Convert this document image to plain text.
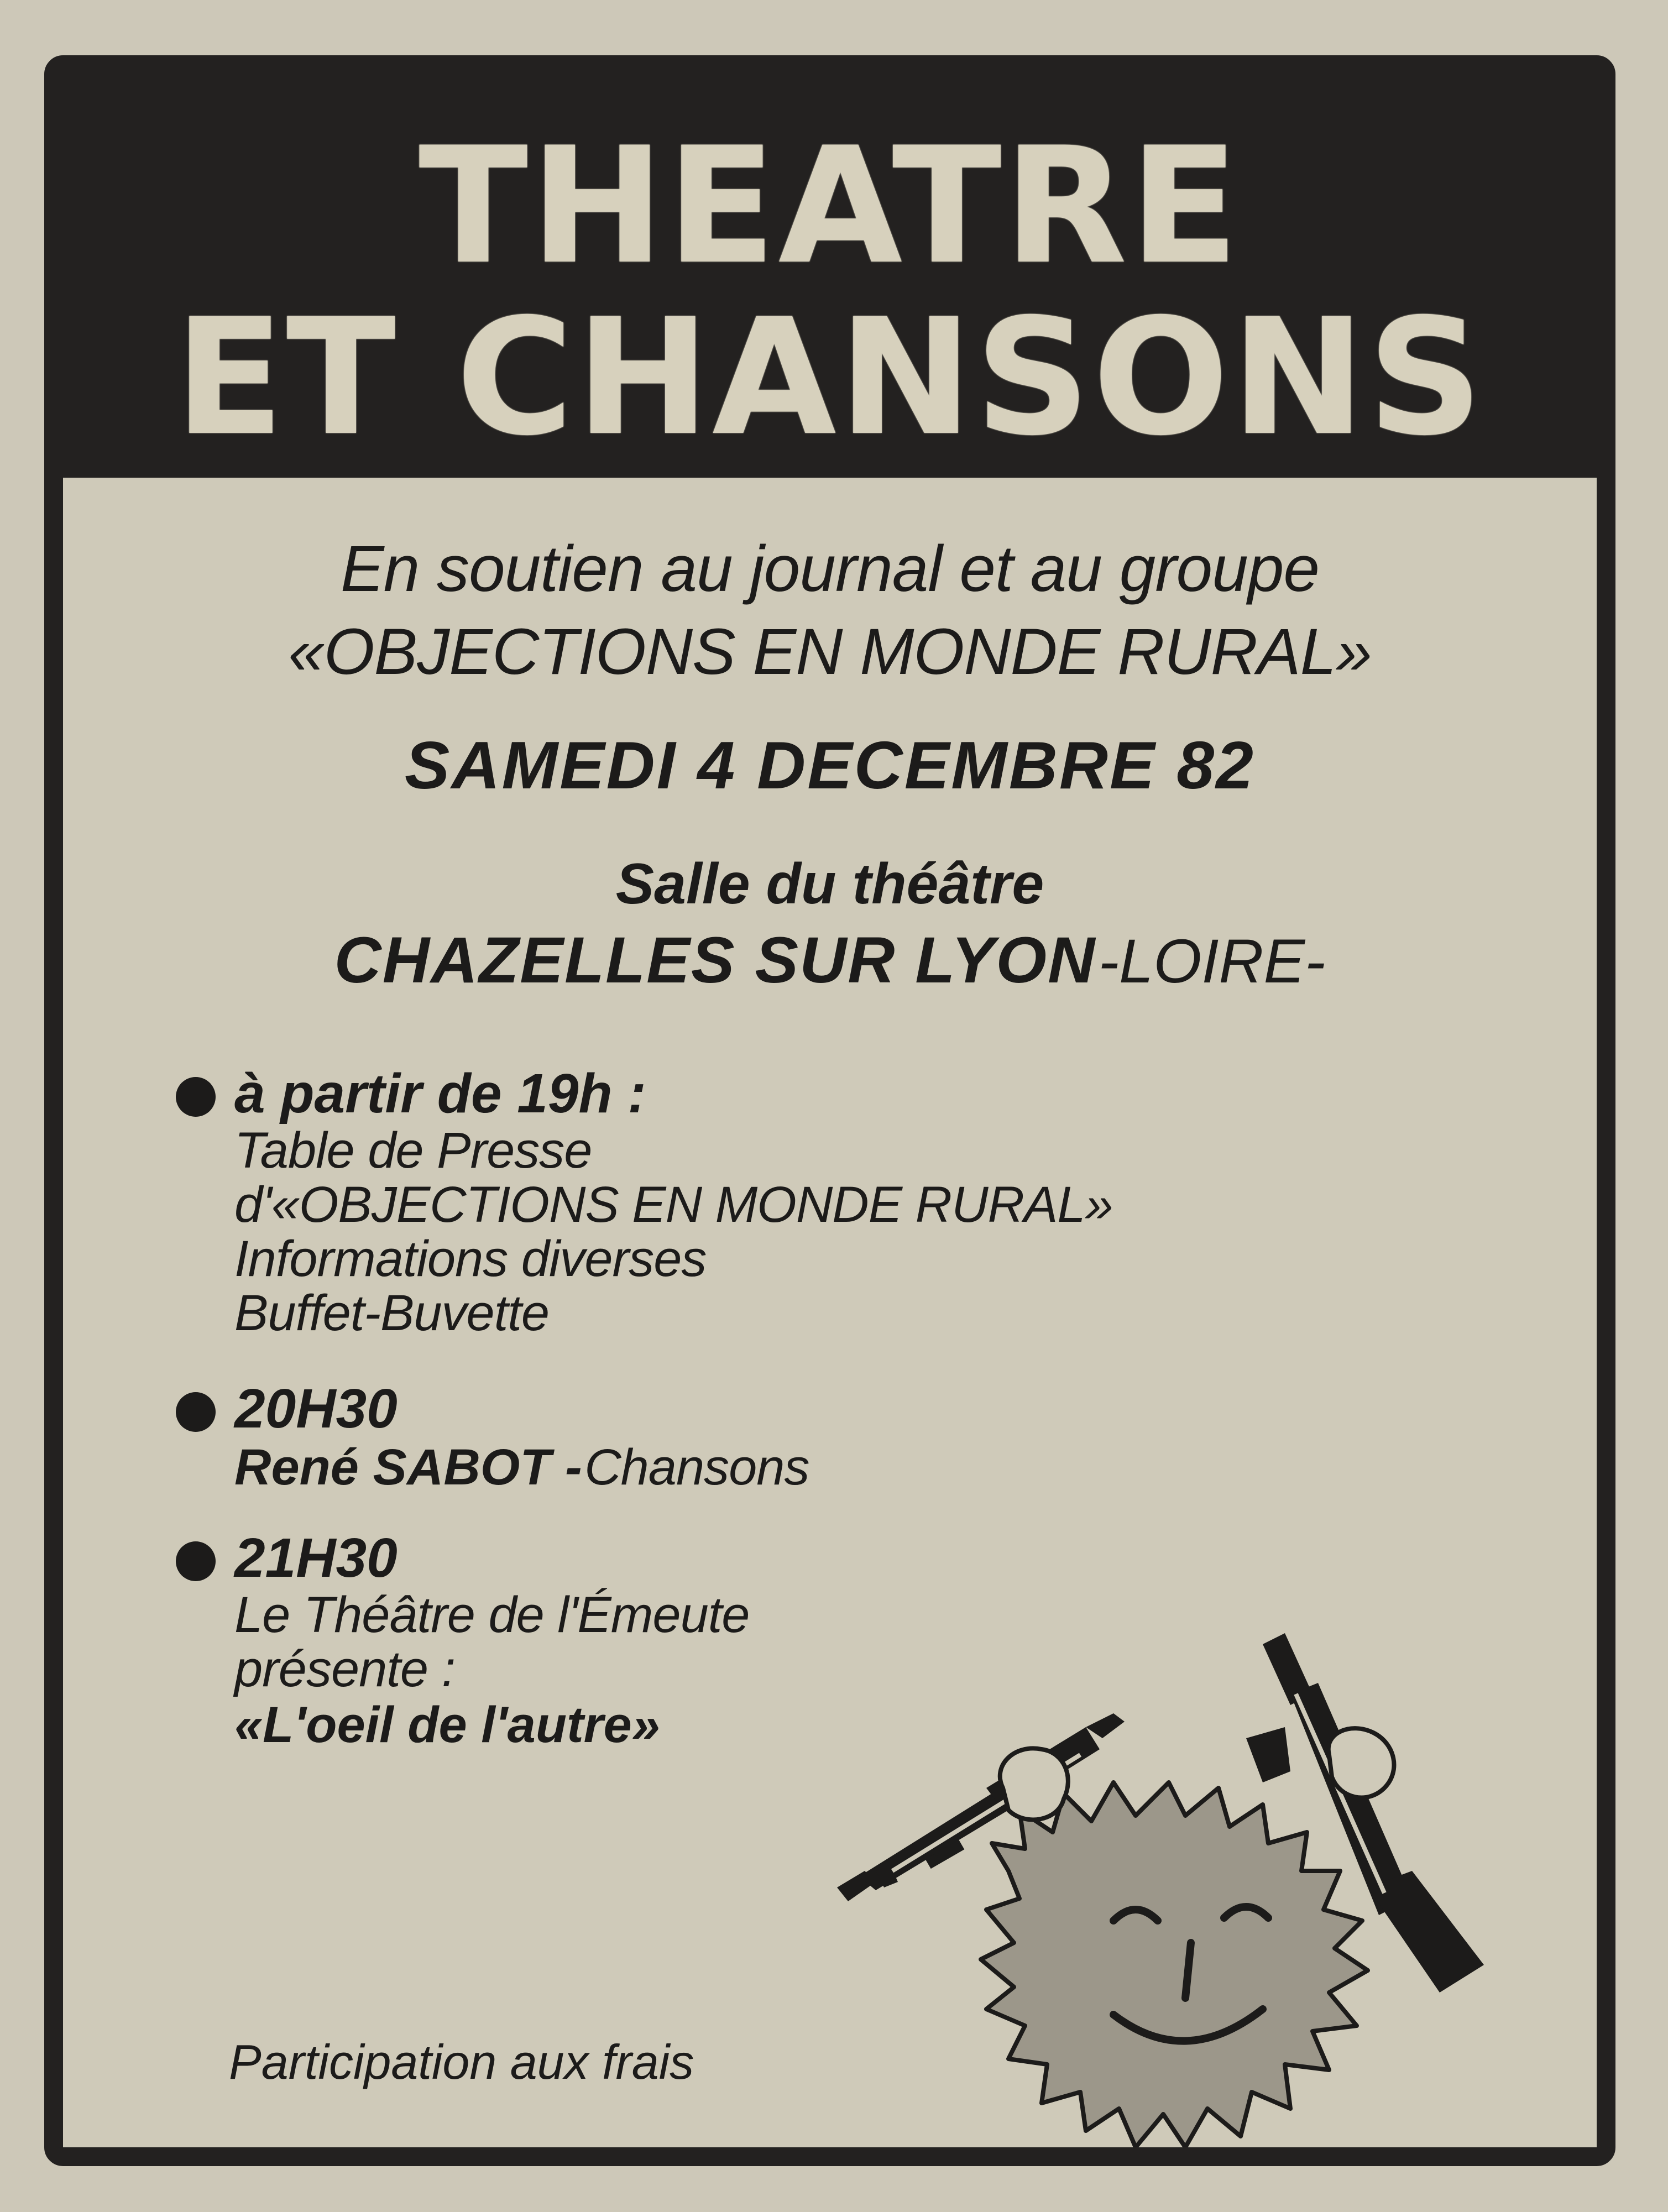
THEATRE
ET CHANSONS
En soutien au journal et au groupe
«OBJECTIONS EN MONDE RURAL»
SAMEDI 4 DECEMBRE 82
Salle du théâtre
CHAZELLES SUR LYON -LOIRE-
à partir de 19h :
Table de Presse
d'«OBJECTIONS EN MONDE RURAL»
Informations diverses
Buffet-Buvette
20H30
René SABOT - Chansons
21H30
Le Théâtre de l'Émeute
présente :
«L'oeil de l'autre»
Participation aux frais
